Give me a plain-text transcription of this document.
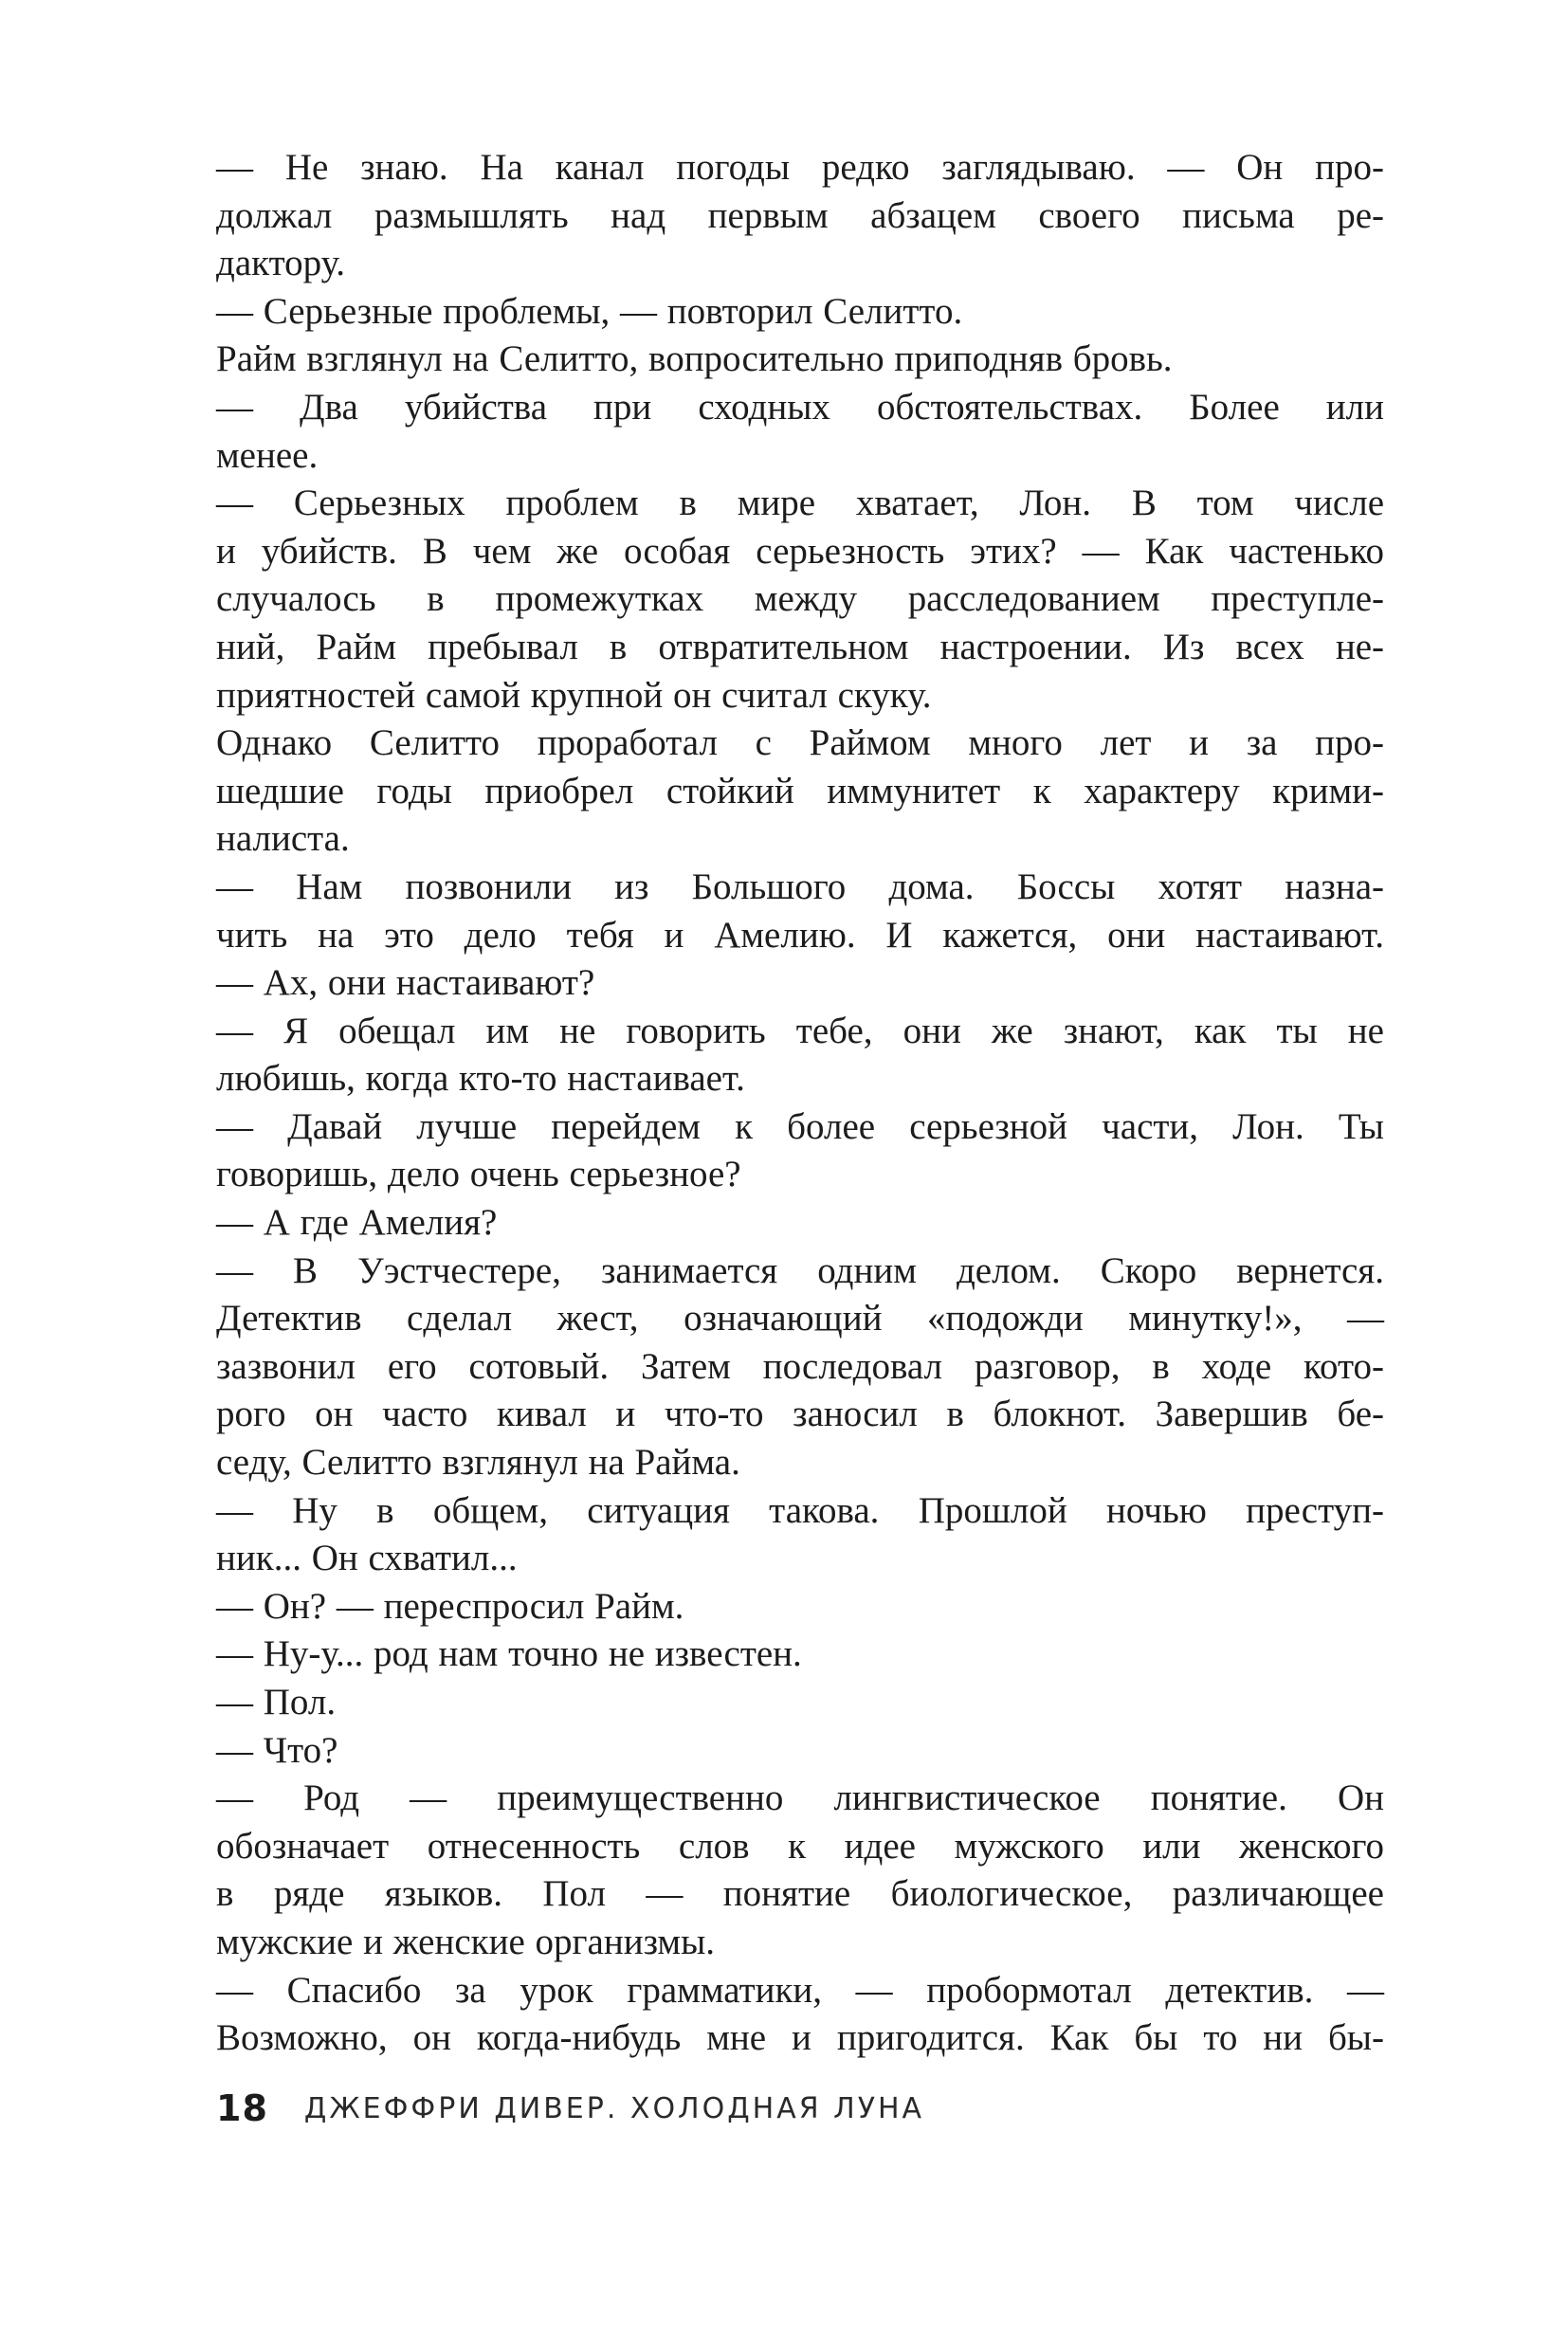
— Не знаю. На канал погоды редко заглядываю. — Он про-
должал размышлять над первым абзацем своего письма ре-
дактору.
— Серьезные проблемы, — повторил Селитто.
Райм взглянул на Селитто, вопросительно приподняв бровь.
— Два убийства при сходных обстоятельствах. Более или
менее.
— Серьезных проблем в мире хватает, Лон. В том числе
и убийств. В чем же особая серьезность этих? — Как частенько
случалось в промежутках между расследованием преступле-
ний, Райм пребывал в отвратительном настроении. Из всех не-
приятностей самой крупной он считал скуку.
Однако Селитто проработал с Раймом много лет и за про-
шедшие годы приобрел стойкий иммунитет к характеру крими-
налиста.
— Нам позвонили из Большого дома. Боссы хотят назна-
чить на это дело тебя и Амелию. И кажется, они настаивают.
— Ах, они настаивают?
— Я обещал им не говорить тебе, они же знают, как ты не
любишь, когда кто-то настаивает.
— Давай лучше перейдем к более серьезной части, Лон. Ты
говоришь, дело очень серьезное?
— А где Амелия?
— В Уэстчестере, занимается одним делом. Скоро вернется.
Детектив сделал жест, означающий «подожди минутку!», —
зазвонил его сотовый. Затем последовал разговор, в ходе кото-
рого он часто кивал и что-то заносил в блокнот. Завершив бе-
седу, Селитто взглянул на Райма.
— Ну в общем, ситуация такова. Прошлой ночью преступ-
ник... Он схватил...
— Он? — переспросил Райм.
— Ну-у... род нам точно не известен.
— Пол.
— Что?
— Род — преимущественно лингвистическое понятие. Он
обозначает отнесенность слов к идее мужского или женского
в ряде языков. Пол — понятие биологическое, различающее
мужские и женские организмы.
— Спасибо за урок грамматики, — пробормотал детектив. —
Возможно, он когда-нибудь мне и пригодится. Как бы то ни бы-
18 ДЖЕФФРИ ДИВЕР. ХОЛОДНАЯ ЛУНА
